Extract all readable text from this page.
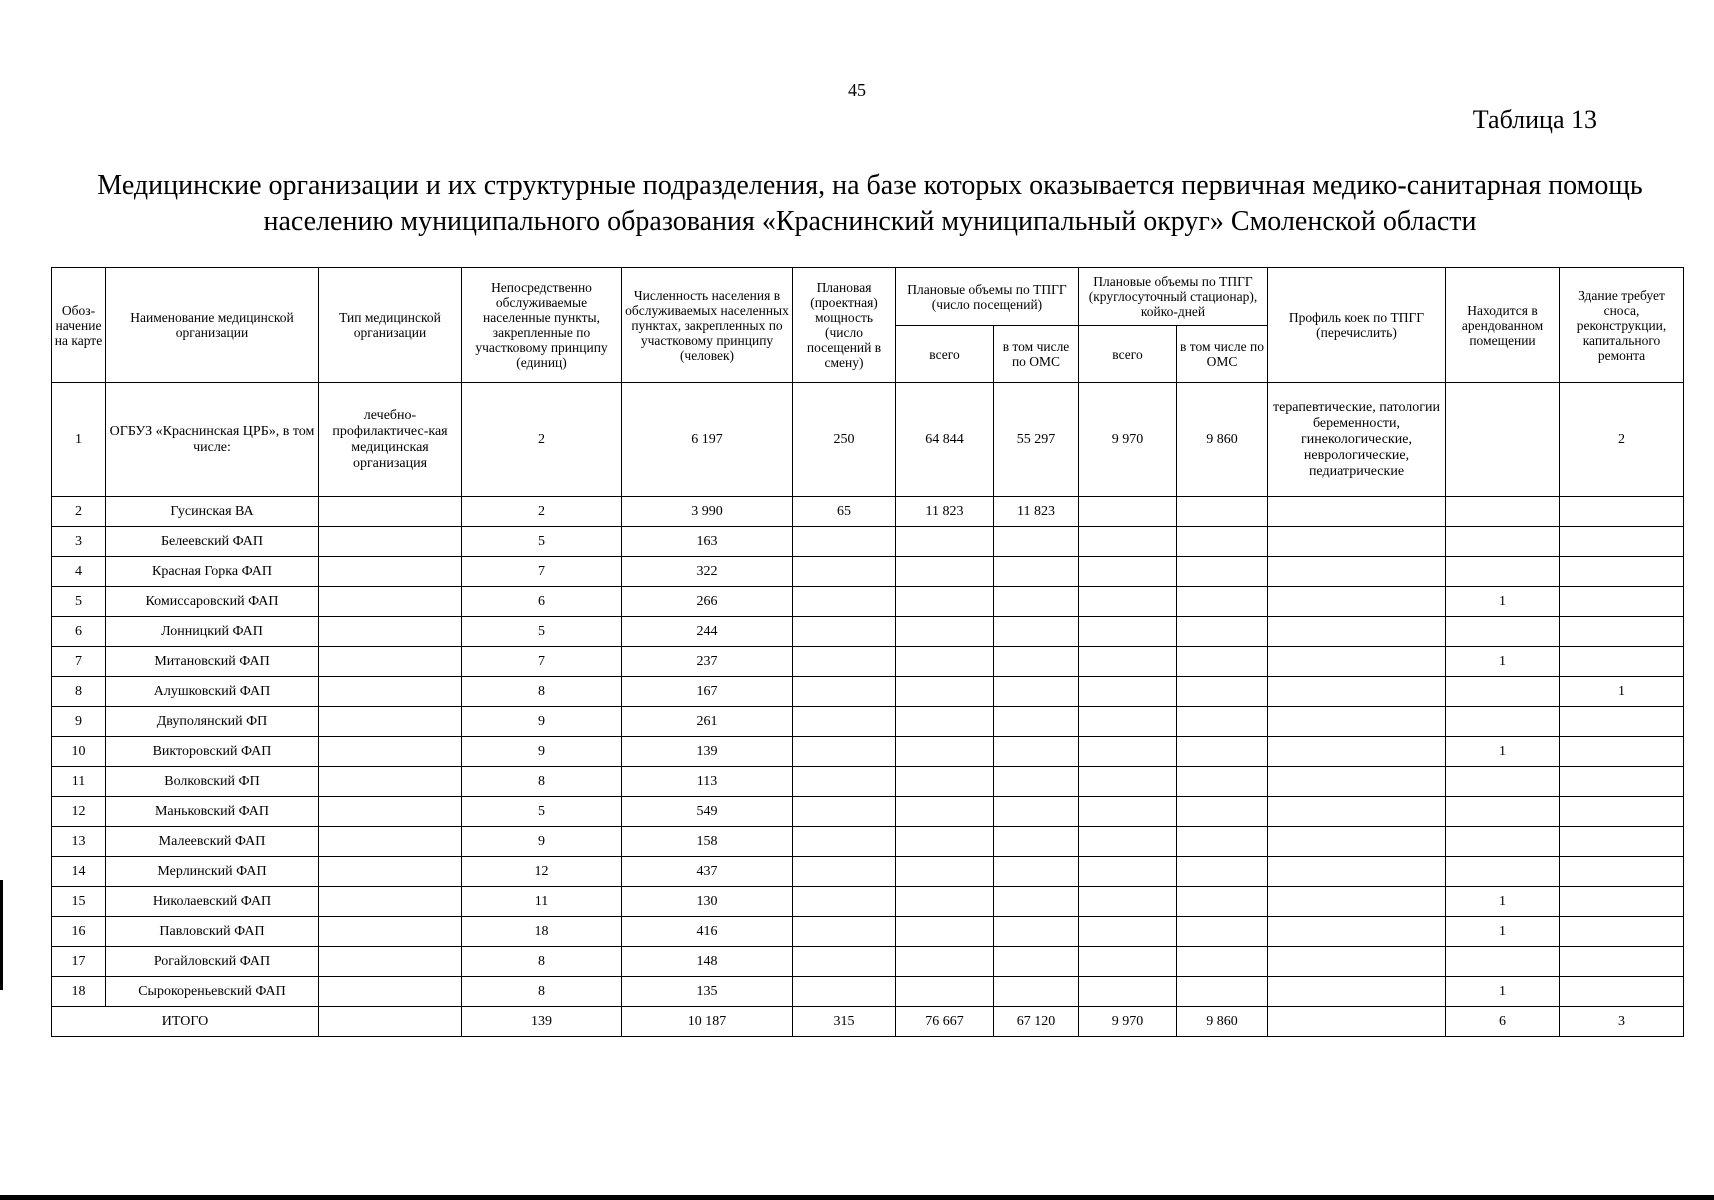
45
Таблица 13
Медицинские организации и их структурные подразделения, на базе которых оказывается первичная медико-санитарная помощь
населению муниципального образования «Краснинский муниципальный округ» Смоленской области
Обоз-начение на карте	Наименование медицинской организации	Тип медицинской организации	Непосредственно обслуживаемые населенные пункты, закрепленные по участковому принципу (единиц)	Численность населения в обслуживаемых населенных пунктах, закрепленных по участковому принципу (человек)	Плановая (проектная) мощность (число посещений в смену)	Плановые объемы по ТПГГ (число посещений)		Плановые объемы по ТПГГ (круглосуточный стационар), койко-дней		Профиль коек по ТПГГ (перечислить)	Находится в арендованном помещении	Здание требует сноса, реконструкции, капитального ремонта
						всего	в том числе по ОМС	всего	в том числе по ОМС			
1	ОГБУЗ «Краснинская ЦРБ», в том числе:	лечебно-профилактичес-кая медицинская организация	2	6 197	250	64 844	55 297	9 970	9 860	терапевтические, патологии беременности, гинекологические, неврологические, педиатрические		2
2	Гусинская ВА		2	3 990	65	11 823	11 823					
3	Белеевский ФАП		5	163								
4	Красная Горка ФАП		7	322								
5	Комиссаровский ФАП		6	266							1	
6	Лонницкий ФАП		5	244								
7	Митановский ФАП		7	237							1	
8	Алушковский ФАП		8	167								1
9	Двуполянский ФП		9	261								
10	Викторовский ФАП		9	139							1	
11	Волковский ФП		8	113								
12	Маньковский ФАП		5	549								
13	Малеевский ФАП		9	158								
14	Мерлинский ФАП		12	437								
15	Николаевский ФАП		11	130							1	
16	Павловский ФАП		18	416							1	
17	Рогайловский ФАП		8	148								
18	Сырокореньевский ФАП		8	135							1	
ИТОГО			139	10 187	315	76 667	67 120	9 970	9 860		6	3
